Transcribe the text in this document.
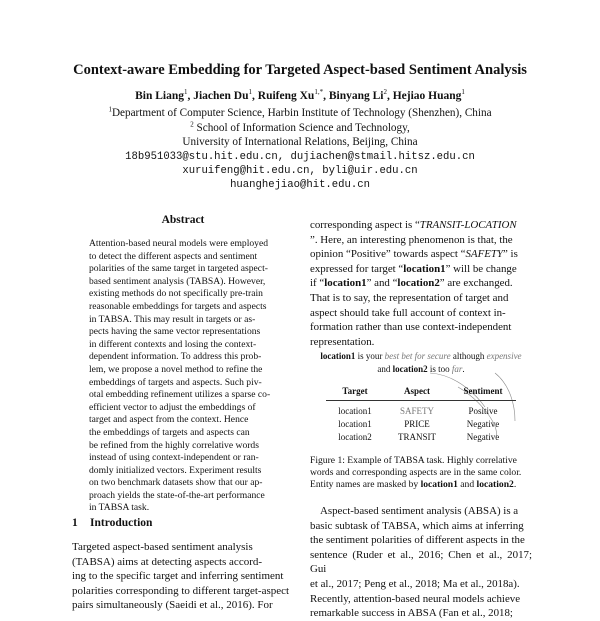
Context-aware Embedding for Targeted Aspect-based Sentiment Analysis
Bin Liang$^1$, Jiachen Du$^1$, Ruifeng $Xu^{1,*}$, Binyang Li$^2$, Hejiao Huang$^1$
$^1$Department of Computer Science, Harbin Institute of Technology (Shenzhen), China
$^2$ School of Information Science and Technology,
University of International Relations, Beijing, China
18b951033@stu.hit.edu.cn, dujiachen@stmail.hitsz.edu.cn
xuruifeng@hit.edu.cn, byli@uir.edu.cn
huanghejiao@hit.edu.cn
Abstract
Attention-based neural models were employed
to detect the different aspects and sentiment
polarities of the same target in targeted aspect-
based sentiment analysis (TABSA). However,
existing methods do not specifically pre-train
reasonable embeddings for targets and aspects
in TABSA. This may result in targets or as-
pects having the same vector representations
in different contexts and losing the context-
dependent information. To address this prob-
lem, we propose a novel method to refine the
embeddings of targets and aspects. Such piv-
otal embedding refinement utilizes a sparse co-
efficient vector to adjust the embeddings of
target and aspect from the context. Hence
the embeddings of targets and aspects can
be refined from the highly correlative words
instead of using context-independent or ran-
domly initialized vectors. Experiment results
on two benchmark datasets show that our ap-
proach yields the state-of-the-art performance
in TABSA task.
1 Introduction
Targeted aspect-based sentiment analysis
(TABSA) aims at detecting aspects accord-
ing to the specific target and inferring sentiment
polarities corresponding to different target-aspect
pairs simultaneously (Saeidi et al., 2016). For
corresponding aspect is “TRANSIT-LOCATION
”. Here, an interesting phenomenon is that, the
opinion “Positive” towards aspect “SAFETY” is
expressed for target “location1” will be change
if “location1” and “location2” are exchanged.
That is to say, the representation of target and
aspect should take full account of context in-
formation rather than use context-independent
representation.
location1 is your best bet for secure although expensive
and location2 is too far.
Target	Aspect	Sentiment
location1	SAFETY	Positive
location1	PRICE	Negative
location2	TRANSIT	Negative
Figure 1: Example of TABSA task. Highly correlative words and corresponding aspects are in the same color. Entity names are masked by location1 and location2.

Aspect-based sentiment analysis (ABSA) is a

basic subtask of TABSA, which aims at inferring
the sentiment polarities of different aspects in the
sentence (Ruder et al., 2016; Chen et al., 2017; Gui
et al., 2017; Peng et al., 2018; Ma et al., 2018a).
Recently, attention-based neural models achieve
remarkable success in ABSA (Fan et al., 2018;
